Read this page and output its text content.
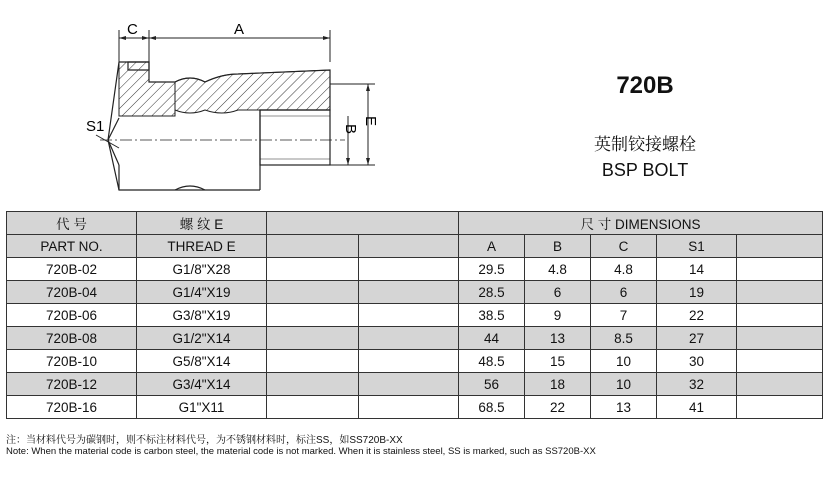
C	A
B
E
S1
720B
英制铰接螺栓
BSP BOLT
代 号	螺 纹 E			尺 寸 DIMENSIONS				
PART NO.	THREAD E			A	B	C	S1	
720B-02	G1/8"X28			29.5	4.8	4.8	14	
720B-04	G1/4"X19			28.5	6	6	19	
720B-06	G3/8"X19			38.5	9	7	22	
720B-08	G1/2"X14			44	13	8.5	27	
720B-10	G5/8"X14			48.5	15	10	30	
720B-12	G3/4"X14			56	18	10	32	
720B-16	G1"X11			68.5	22	13	41	
注：当材料代号为碳钢时，则不标注材料代号，为不锈钢材料时，标注SS，如SS720B-XX
Note: When the material code is carbon steel, the material code is not marked. When it is stainless steel, SS is marked, such as SS720B-XX
